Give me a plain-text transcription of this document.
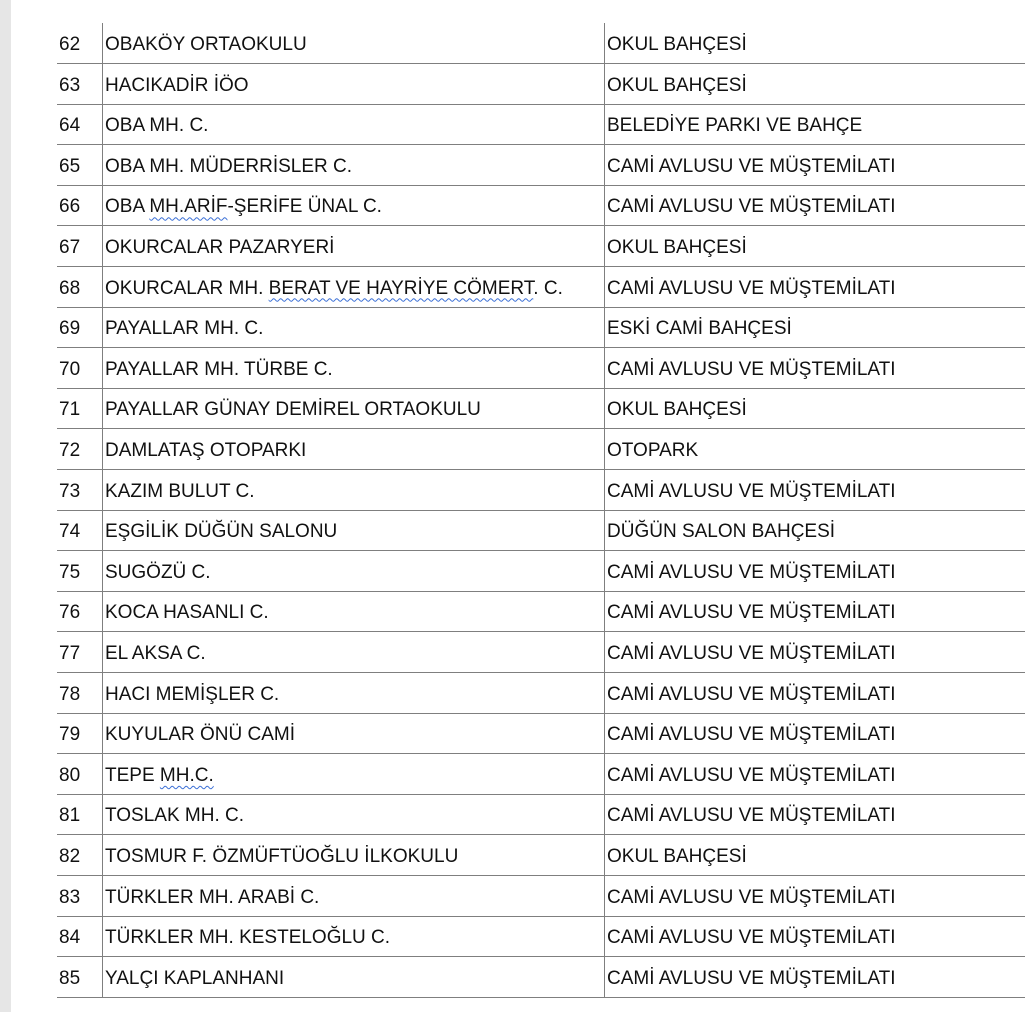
62	OBAKÖY ORTAOKULU	OKUL BAHÇESİ
63	HACIKADİR İÖO	OKUL BAHÇESİ
64	OBA MH. C.	BELEDİYE PARKI VE BAHÇE
65	OBA MH. MÜDERRİSLER C.	CAMİ AVLUSU VE MÜŞTEMİLATI
66	OBA MH.ARİF-ŞERİFE ÜNAL C.	CAMİ AVLUSU VE MÜŞTEMİLATI
67	OKURCALAR PAZARYERİ	OKUL BAHÇESİ
68	OKURCALAR MH. BERAT VE HAYRİYE CÖMERT. C.	CAMİ AVLUSU VE MÜŞTEMİLATI
69	PAYALLAR MH. C.	ESKİ CAMİ BAHÇESİ
70	PAYALLAR MH. TÜRBE C.	CAMİ AVLUSU VE MÜŞTEMİLATI
71	PAYALLAR GÜNAY DEMİREL ORTAOKULU	OKUL BAHÇESİ
72	DAMLATAŞ OTOPARKI	OTOPARK
73	KAZIM BULUT C.	CAMİ AVLUSU VE MÜŞTEMİLATI
74	EŞGİLİK DÜĞÜN SALONU	DÜĞÜN SALON BAHÇESİ
75	SUGÖZÜ C.	CAMİ AVLUSU VE MÜŞTEMİLATI
76	KOCA HASANLI C.	CAMİ AVLUSU VE MÜŞTEMİLATI
77	EL AKSA C.	CAMİ AVLUSU VE MÜŞTEMİLATI
78	HACI MEMİŞLER C.	CAMİ AVLUSU VE MÜŞTEMİLATI
79	KUYULAR ÖNÜ CAMİ	CAMİ AVLUSU VE MÜŞTEMİLATI
80	TEPE MH.C.	CAMİ AVLUSU VE MÜŞTEMİLATI
81	TOSLAK MH. C.	CAMİ AVLUSU VE MÜŞTEMİLATI
82	TOSMUR F. ÖZMÜFTÜOĞLU İLKOKULU	OKUL BAHÇESİ
83	TÜRKLER MH. ARABİ C.	CAMİ AVLUSU VE MÜŞTEMİLATI
84	TÜRKLER MH. KESTELOĞLU C.	CAMİ AVLUSU VE MÜŞTEMİLATI
85	YALÇI KAPLANHANI	CAMİ AVLUSU VE MÜŞTEMİLATI
